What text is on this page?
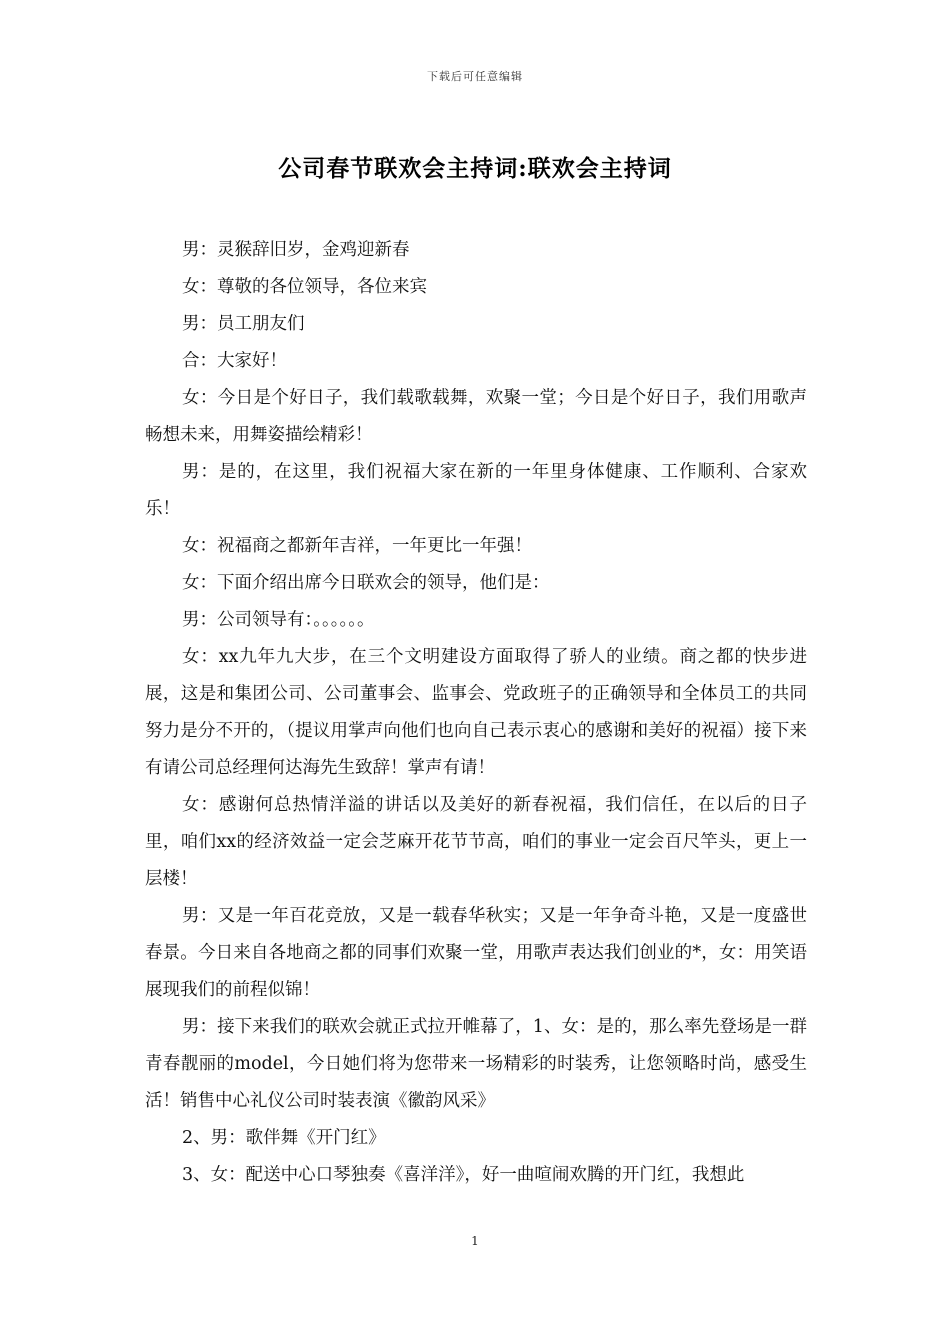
下载后可任意编辑
公司春节联欢会主持词:联欢会主持词

男：灵猴辞旧岁，金鸡迎新春

女：尊敬的各位领导，各位来宾

男：员工朋友们

合：大家好！

女：今日是个好日子，我们载歌载舞，欢聚一堂；今日是个好日子，我们用歌声畅想未来，用舞姿描绘精彩！

男：是的，在这里，我们祝福大家在新的一年里身体健康、工作顺利、合家欢乐！

女：祝福商之都新年吉祥，一年更比一年强！

女：下面介绍出席今日联欢会的领导，他们是：

男：公司领导有：。。。。。。

女：xx九年九大步，在三个文明建设方面取得了骄人的业绩。商之都的快步进展，这是和集团公司、公司董事会、监事会、党政班子的正确领导和全体员工的共同努力是分不开的，（提议用掌声向他们也向自己表示衷心的感谢和美好的祝福）接下来有请公司总经理何达海先生致辞！掌声有请！

女：感谢何总热情洋溢的讲话以及美好的新春祝福，我们信任，在以后的日子里，咱们xx的经济效益一定会芝麻开花节节高，咱们的事业一定会百尺竿头，更上一层楼！

男：又是一年百花竞放，又是一载春华秋实；又是一年争奇斗艳，又是一度盛世春景。今日来自各地商之都的同事们欢聚一堂，用歌声表达我们创业的*，女：用笑语展现我们的前程似锦！

男：接下来我们的联欢会就正式拉开帷幕了，1、女：是的，那么率先登场是一群青春靓丽的model，今日她们将为您带来一场精彩的时装秀，让您领略时尚，感受生活！销售中心礼仪公司时装表演《徽韵风采》

2、男：歌伴舞《开门红》

3、女：配送中心口琴独奏《喜洋洋》，好一曲喧闹欢腾的开门红，我想此

1
